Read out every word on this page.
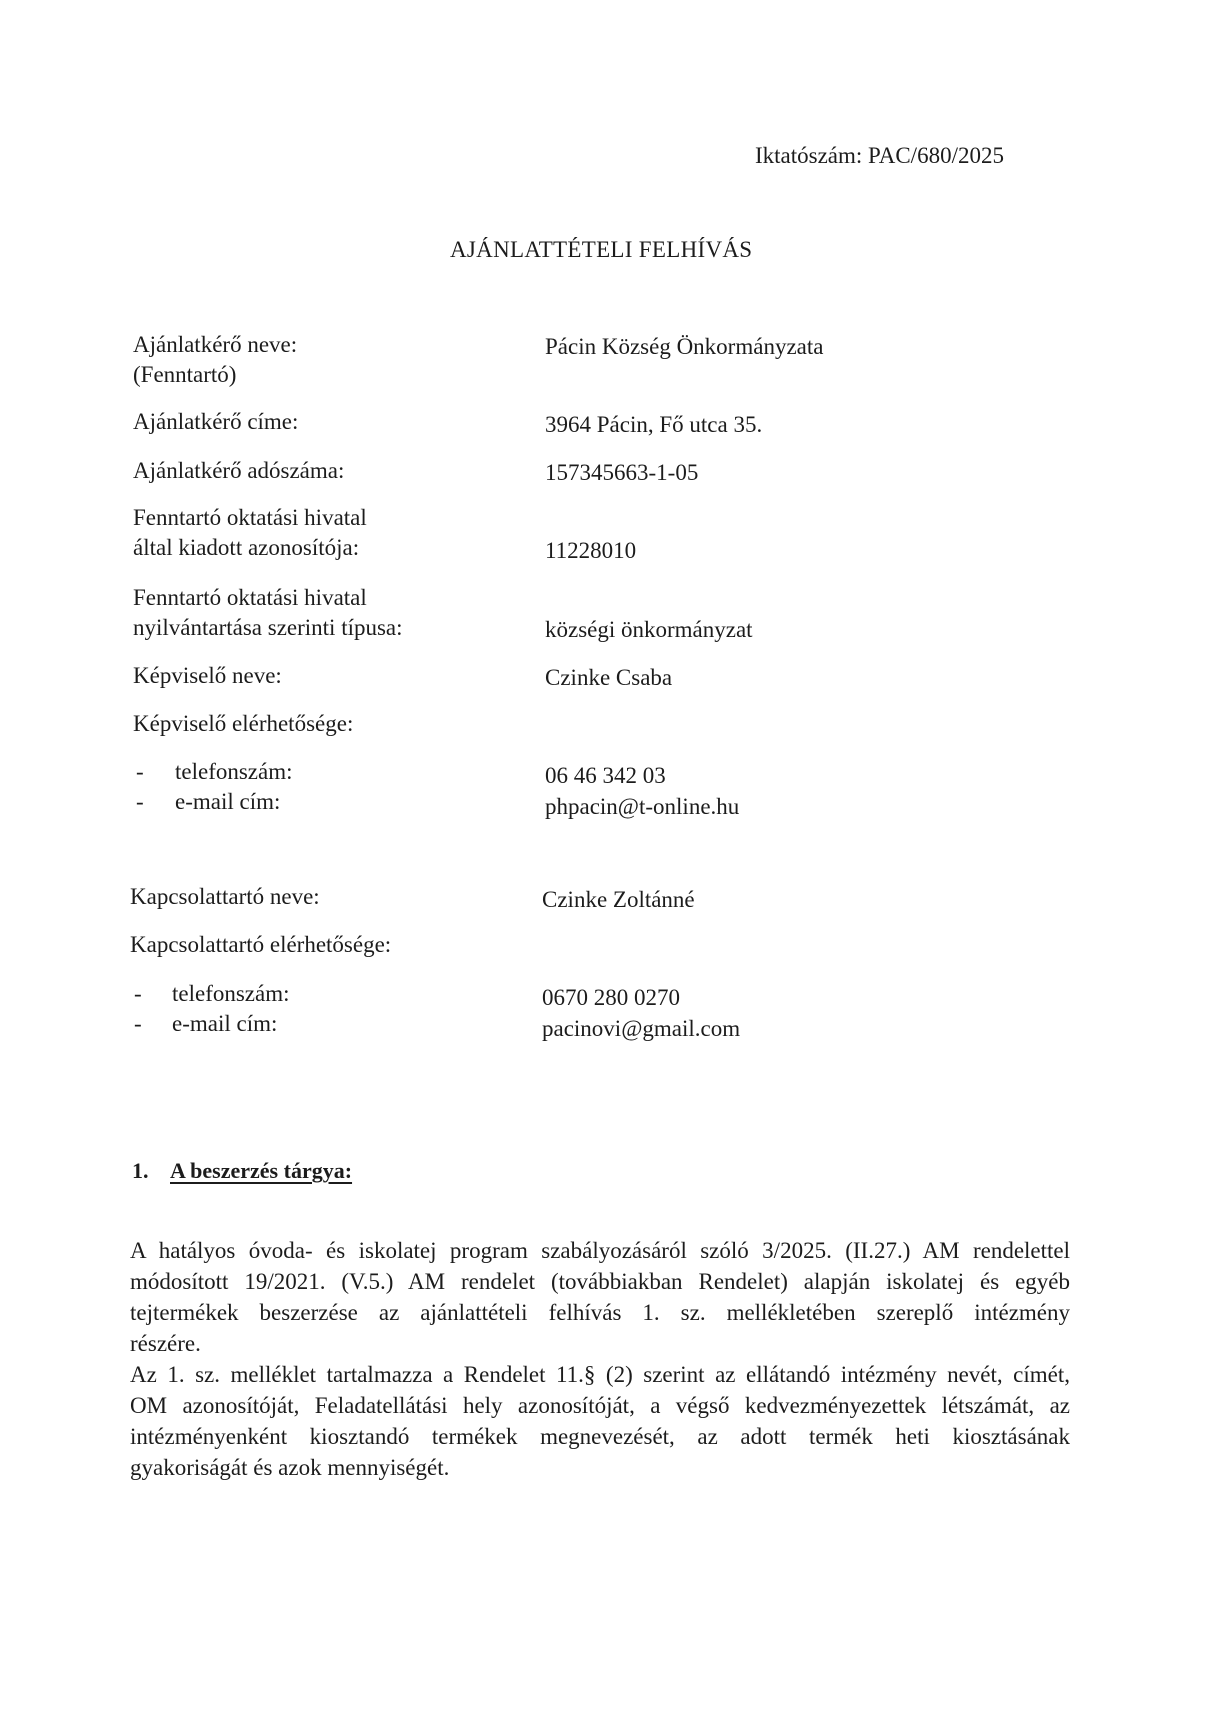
Iktatószám: PAC/680/2025
AJÁNLATTÉTELI FELHÍVÁS
Ajánlatkérő neve:
(Fenntartó)
Pácin Község Önkormányzata
Ajánlatkérő címe:	3964 Pácin, Fő utca 35.
Ajánlatkérő adószáma:	157345663-1-05
Fenntartó oktatási hivatal
által kiadott azonosítója:	11228010
Fenntartó oktatási hivatal
nyilvántartása szerinti típusa:	községi önkormányzat
Képviselő neve:	Czinke Csaba
Képviselő elérhetősége:
- telefonszám:	06 46 342 03
- e-mail cím:	phpacin@t-online.hu
Kapcsolattartó neve:	Czinke Zoltánné
Kapcsolattartó elérhetősége:
- telefonszám:	0670 280 0270
- e-mail cím:	pacinovi@gmail.com
1. A beszerzés tárgya:
A hatályos óvoda- és iskolatej program szabályozásáról szóló 3/2025. (II.27.) AM rendelettel
módosított 19/2021. (V.5.) AM rendelet (továbbiakban Rendelet) alapján iskolatej és egyéb
tejtermékek beszerzése az ajánlattételi felhívás 1. sz. mellékletében szereplő intézmény
részére.
Az 1. sz. melléklet tartalmazza a Rendelet 11.§ (2) szerint az ellátandó intézmény nevét, címét,
OM azonosítóját, Feladatellátási hely azonosítóját, a végső kedvezményezettek létszámát, az
intézményenként kiosztandó termékek megnevezését, az adott termék heti kiosztásának
gyakoriságát és azok mennyiségét.
